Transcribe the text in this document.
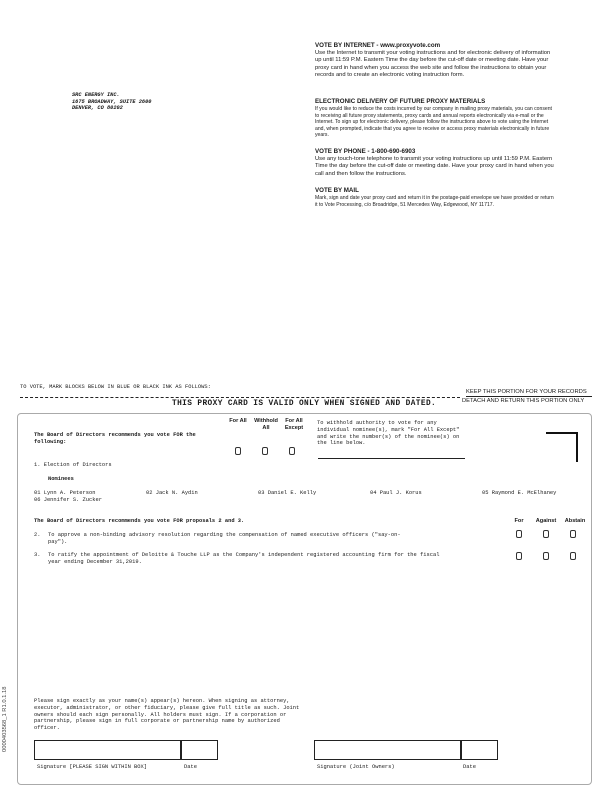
SRC ENERGY INC.
1675 BROADWAY, SUITE 2600
DENVER, CO 80202
VOTE BY INTERNET - www.proxyvote.com

Use the Internet to transmit your voting instructions and for electronic delivery of information up until 11:59 P.M. Eastern Time the day before the cut-off date or meeting date. Have your proxy card in hand when you access the web site and follow the instructions to obtain your records and to create an electronic voting instruction form.

ELECTRONIC DELIVERY OF FUTURE PROXY MATERIALS

If you would like to reduce the costs incurred by our company in mailing proxy materials, you can consent to receiving all future proxy statements, proxy cards and annual reports electronically via e-mail or the Internet. To sign up for electronic delivery, please follow the instructions above to vote using the Internet and, when prompted, indicate that you agree to receive or access proxy materials electronically in future years.

VOTE BY PHONE - 1-800-690-6903

Use any touch-tone telephone to transmit your voting instructions up until 11:59 P.M. Eastern Time the day before the cut-off date or meeting date. Have your proxy card in hand when you call and then follow the instructions.

VOTE BY MAIL

Mark, sign and date your proxy card and return it in the postage-paid envelope we have provided or return it to Vote Processing, c/o Broadridge, 51 Mercedes Way, Edgewood, NY 11717.

TO VOTE, MARK BLOCKS BELOW IN BLUE OR BLACK INK AS FOLLOWS:
KEEP THIS PORTION FOR YOUR RECORDS
DETACH AND RETURN THIS PORTION ONLY
THIS PROXY CARD IS VALID ONLY WHEN SIGNED AND DATED.
The Board of Directors recommends you vote FOR the following:
For All	Withhold All
For All Except
To withhold authority to vote for any individual nominee(s), mark "For All Except" and write the number(s) of the nominee(s) on the line below.
1. Election of Directors
Nominees
01 Lynn A. Peterson	02 Jack N. Aydin	03 Daniel E. Kelly	04 Paul J. Korus	05 Raymond E. McElhaney
06 Jennifer S. Zucker
The Board of Directors recommends you vote FOR proposals 2 and 3.	For	Against	Abstain
2. To approve a non-binding advisory resolution regarding the compensation of named executive officers ("say-on-pay").
3. To ratify the appointment of Deloitte & Touche LLP as the Company's independent registered accounting firm for the fiscal year ending December 31,2019.
Please sign exactly as your name(s) appear(s) hereon. When signing as attorney, executor, administrator, or other fiduciary, please give full title as such. Joint owners should each sign personally. All holders must sign. If a corporation or partnership, please sign in full corporate or partnership name by authorized officer.
Signature [PLEASE SIGN WITHIN BOX]	Date	Signature (Joint Owners)	Date
0000403568_1 R1.0.1.18
